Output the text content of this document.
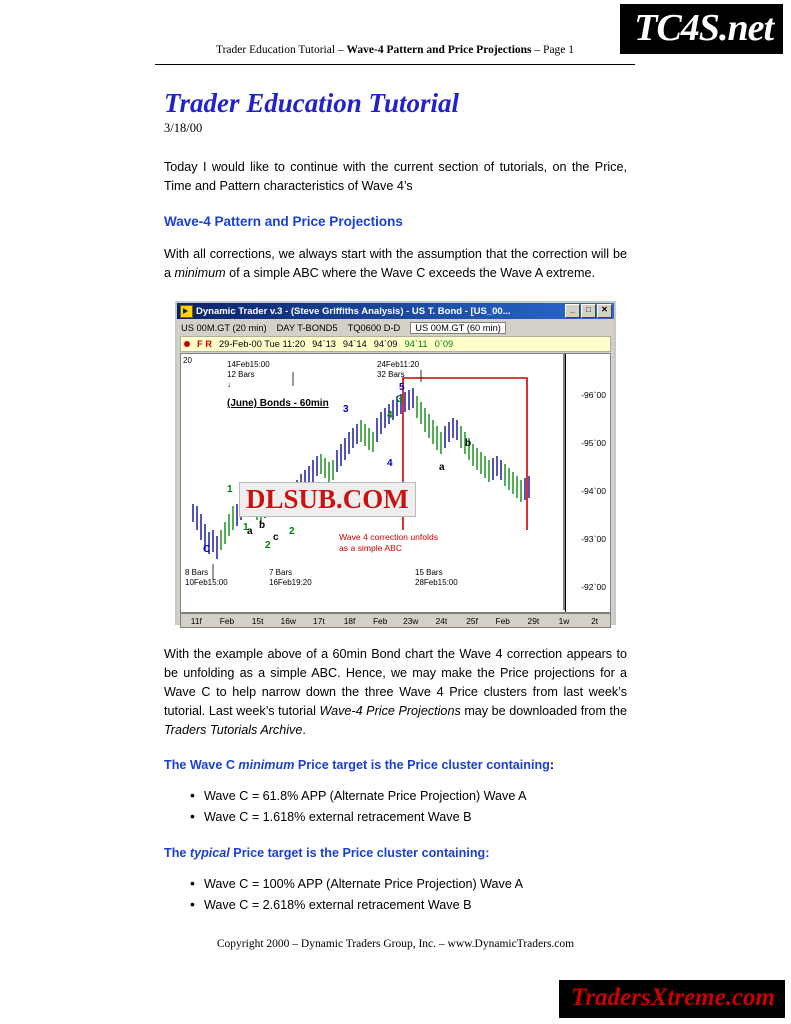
TC4S.net
Trader Education Tutorial – Wave-4 Pattern and Price Projections – Page 1
Trader Education Tutorial
3/18/00

Today I would like to continue with the current section of tutorials, on the Price, Time and Pattern characteristics of Wave 4’s

Wave-4 Pattern and Price Projections

With all corrections, we always start with the assumption that the correction will be a minimum of a simple ABC where the Wave C exceeds the Wave A extreme.

Dynamic Trader v.3 - (Steve Griffiths Analysis) - US T. Bond - [US_00...	_	□	✕
US 00M.GT (20 min) DAY T-BOND5 TQ0600 D-D	US 00M.GT (60 min)
F R 29-Feb-00 Tue 11:20 94`13 94`14 94`09 94`11 0`09
-96`00
-95`00
-94`00
-93`00
-92`00
20	14Feb15:00
12 Bars
↓
24Feb11:20
32 Bars
8 Bars
10Feb15:00
7 Bars
16Feb19:20
15 Bars
28Feb15:00
(June) Bonds - 60min
C
1
2
a
b
c
1
2
3
5
3
4
4	a
b
Wave 4 correction unfolds
as a simple ABC
DLSUB.COM
11f	Feb	15t	16w	17t	18f	Feb	23w	24t	25f	Feb	29t	1w	2t

With the example above of a 60min Bond chart the Wave 4 correction appears to be unfolding as a simple ABC. Hence, we may make the Price projections for a Wave C to help narrow down the three Wave 4 Price clusters from last week’s tutorial. Last week’s tutorial Wave-4 Price Projections may be downloaded from the Traders Tutorials Archive.

The Wave C minimum Price target is the Price cluster containing:
• Wave C = 61.8% APP (Alternate Price Projection) Wave A
• Wave C = 1.618% external retracement Wave B
The typical Price target is the Price cluster containing:
• Wave C = 100% APP (Alternate Price Projection) Wave A
• Wave C = 2.618% external retracement Wave B
Copyright 2000 – Dynamic Traders Group, Inc. – www.DynamicTraders.com
TradersXtreme.com
